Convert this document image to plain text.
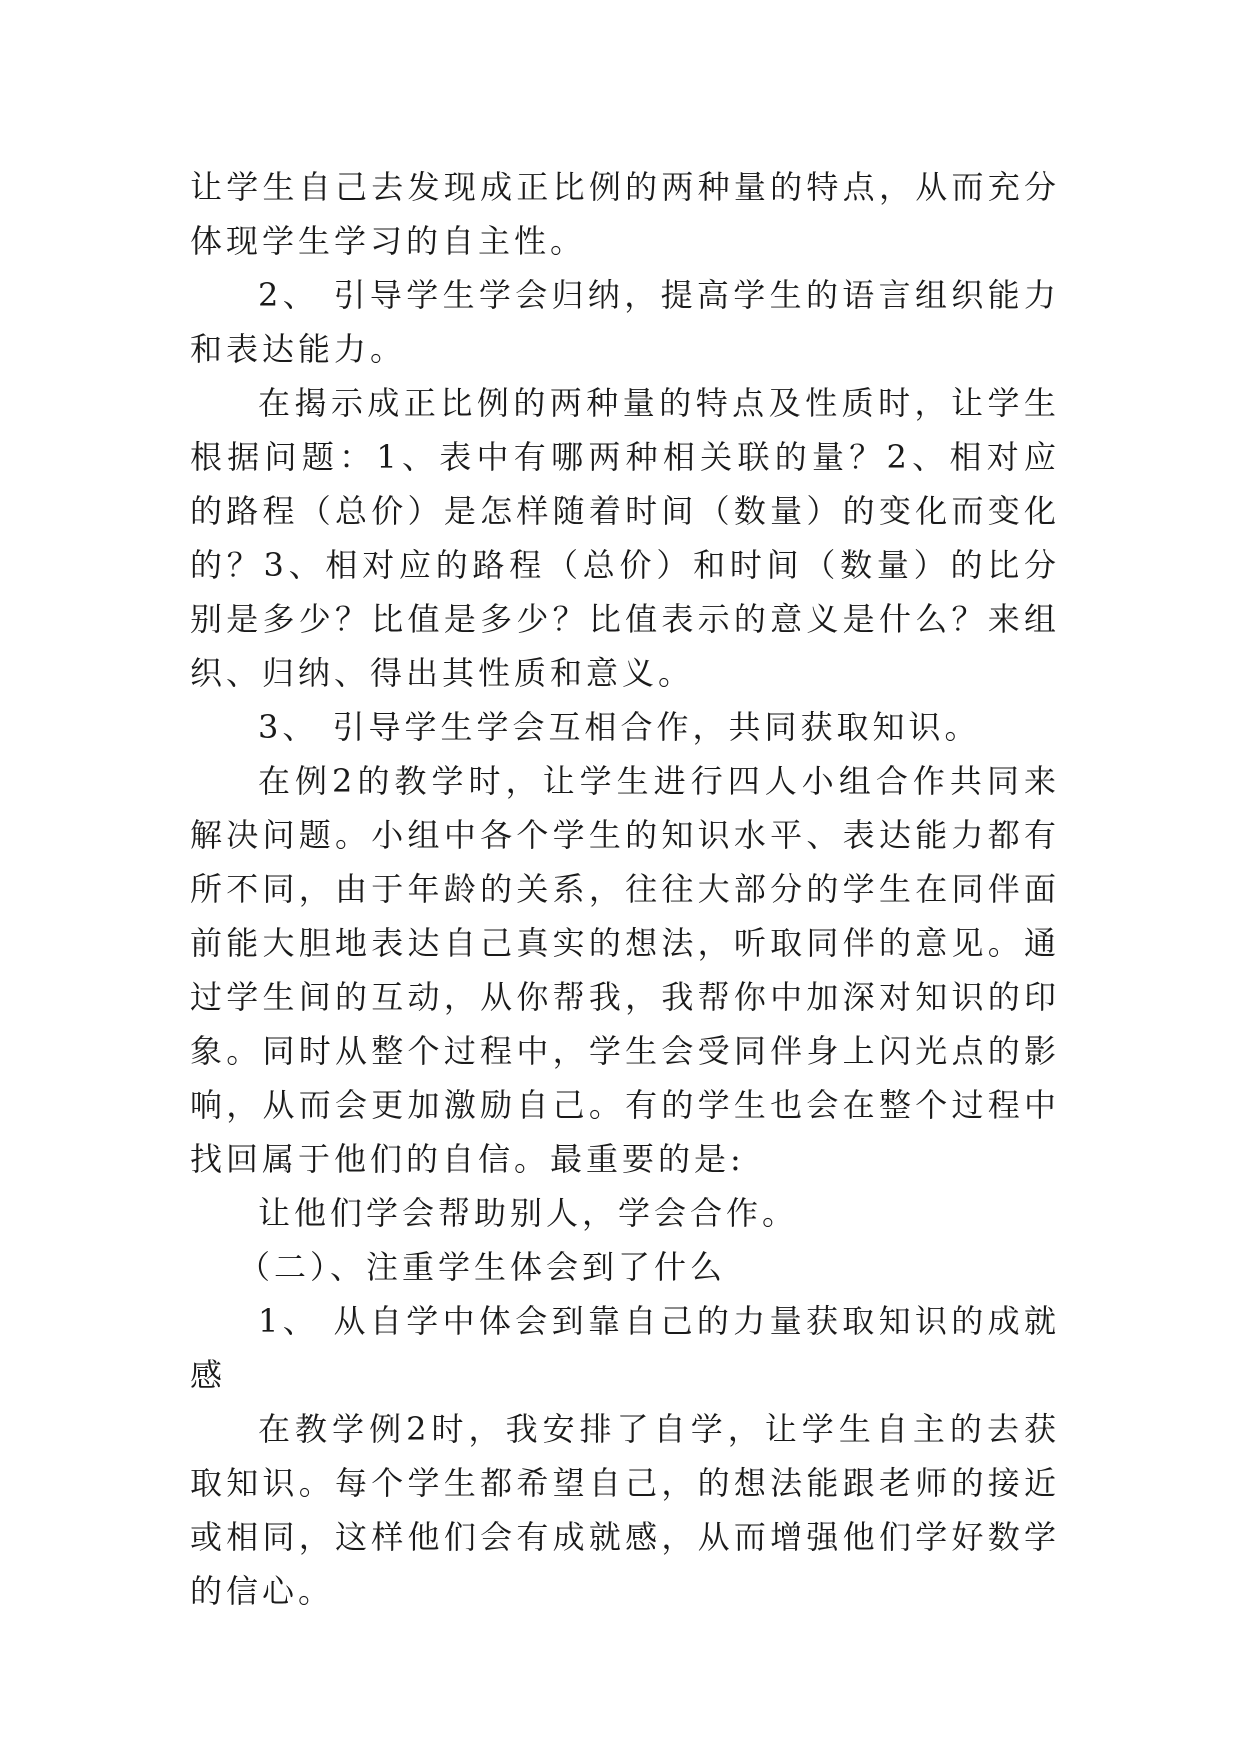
让学生自己去发现成正比例的两种量的特点，从而充分体现学生学习的自主性。

2、 引导学生学会归纳，提高学生的语言组织能力和表达能力。

在揭示成正比例的两种量的特点及性质时，让学生根据问题：1、表中有哪两种相关联的量？2、相对应的路程（总价）是怎样随着时间（数量）的变化而变化的？3、相对应的路程（总价）和时间（数量）的比分别是多少？比值是多少？比值表示的意义是什么？来组织、归纳、得出其性质和意义。

3、 引导学生学会互相合作，共同获取知识。

在例2的教学时，让学生进行四人小组合作共同来解决问题。小组中各个学生的知识水平、表达能力都有所不同，由于年龄的关系，往往大部分的学生在同伴面前能大胆地表达自己真实的想法，听取同伴的意见。通过学生间的互动，从你帮我，我帮你中加深对知识的印象。同时从整个过程中，学生会受同伴身上闪光点的影响，从而会更加激励自己。有的学生也会在整个过程中找回属于他们的自信。最重要的是:

让他们学会帮助别人，学会合作。

（二）、注重学生体会到了什么

1、 从自学中体会到靠自己的力量获取知识的成就感

在教学例2时，我安排了自学，让学生自主的去获取知识。每个学生都希望自己，的想法能跟老师的接近或相同，这样他们会有成就感，从而增强他们学好数学的信心。
